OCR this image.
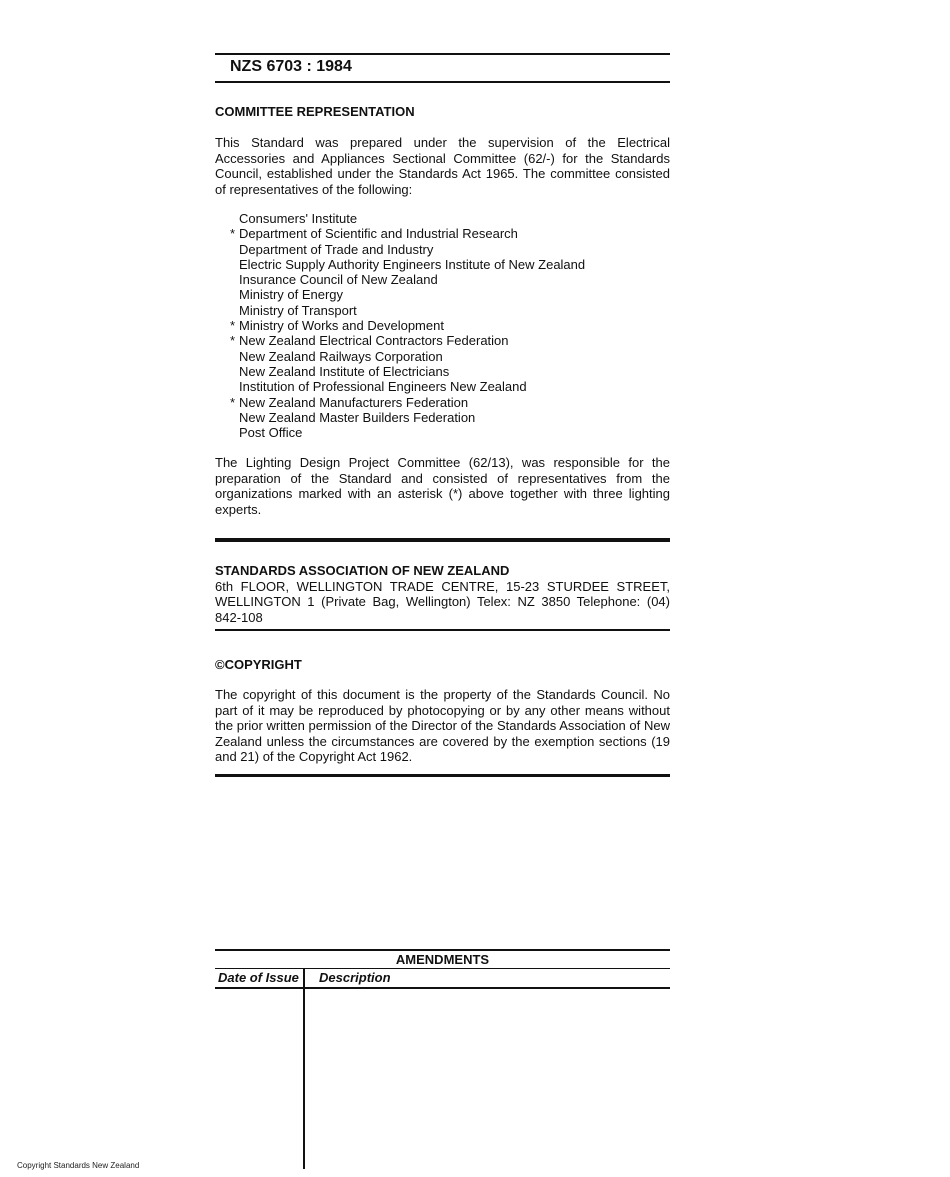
NZS 6703 : 1984
COMMITTEE REPRESENTATION
This Standard was prepared under the supervision of the Electrical Accessories and Appliances Sectional Committee (62/-) for the Standards Council, established under the Standards Act 1965. The committee consisted of representatives of the following:
Consumers' Institute
* Department of Scientific and Industrial Research
Department of Trade and Industry
Electric Supply Authority Engineers Institute of New Zealand
Insurance Council of New Zealand
Ministry of Energy
Ministry of Transport
* Ministry of Works and Development
* New Zealand Electrical Contractors Federation
New Zealand Railways Corporation
New Zealand Institute of Electricians
Institution of Professional Engineers New Zealand
* New Zealand Manufacturers Federation
New Zealand Master Builders Federation
Post Office
The Lighting Design Project Committee (62/13), was responsible for the preparation of the Standard and consisted of representatives from the organizations marked with an asterisk (*) above together with three lighting experts.
STANDARDS ASSOCIATION OF NEW ZEALAND
6th FLOOR, WELLINGTON TRADE CENTRE, 15-23 STURDEE STREET,
WELLINGTON 1 (Private Bag, Wellington) Telex: NZ 3850 Telephone: (04)
842-108
©COPYRIGHT
The copyright of this document is the property of the Standards Council. No part of it may be reproduced by photocopying or by any other means without the prior written permission of the Director of the Standards Association of New Zealand unless the circumstances are covered by the exemption sections (19 and 21) of the Copyright Act 1962.
AMENDMENTS
Date of Issue Description
Copyright Standards New Zealand
